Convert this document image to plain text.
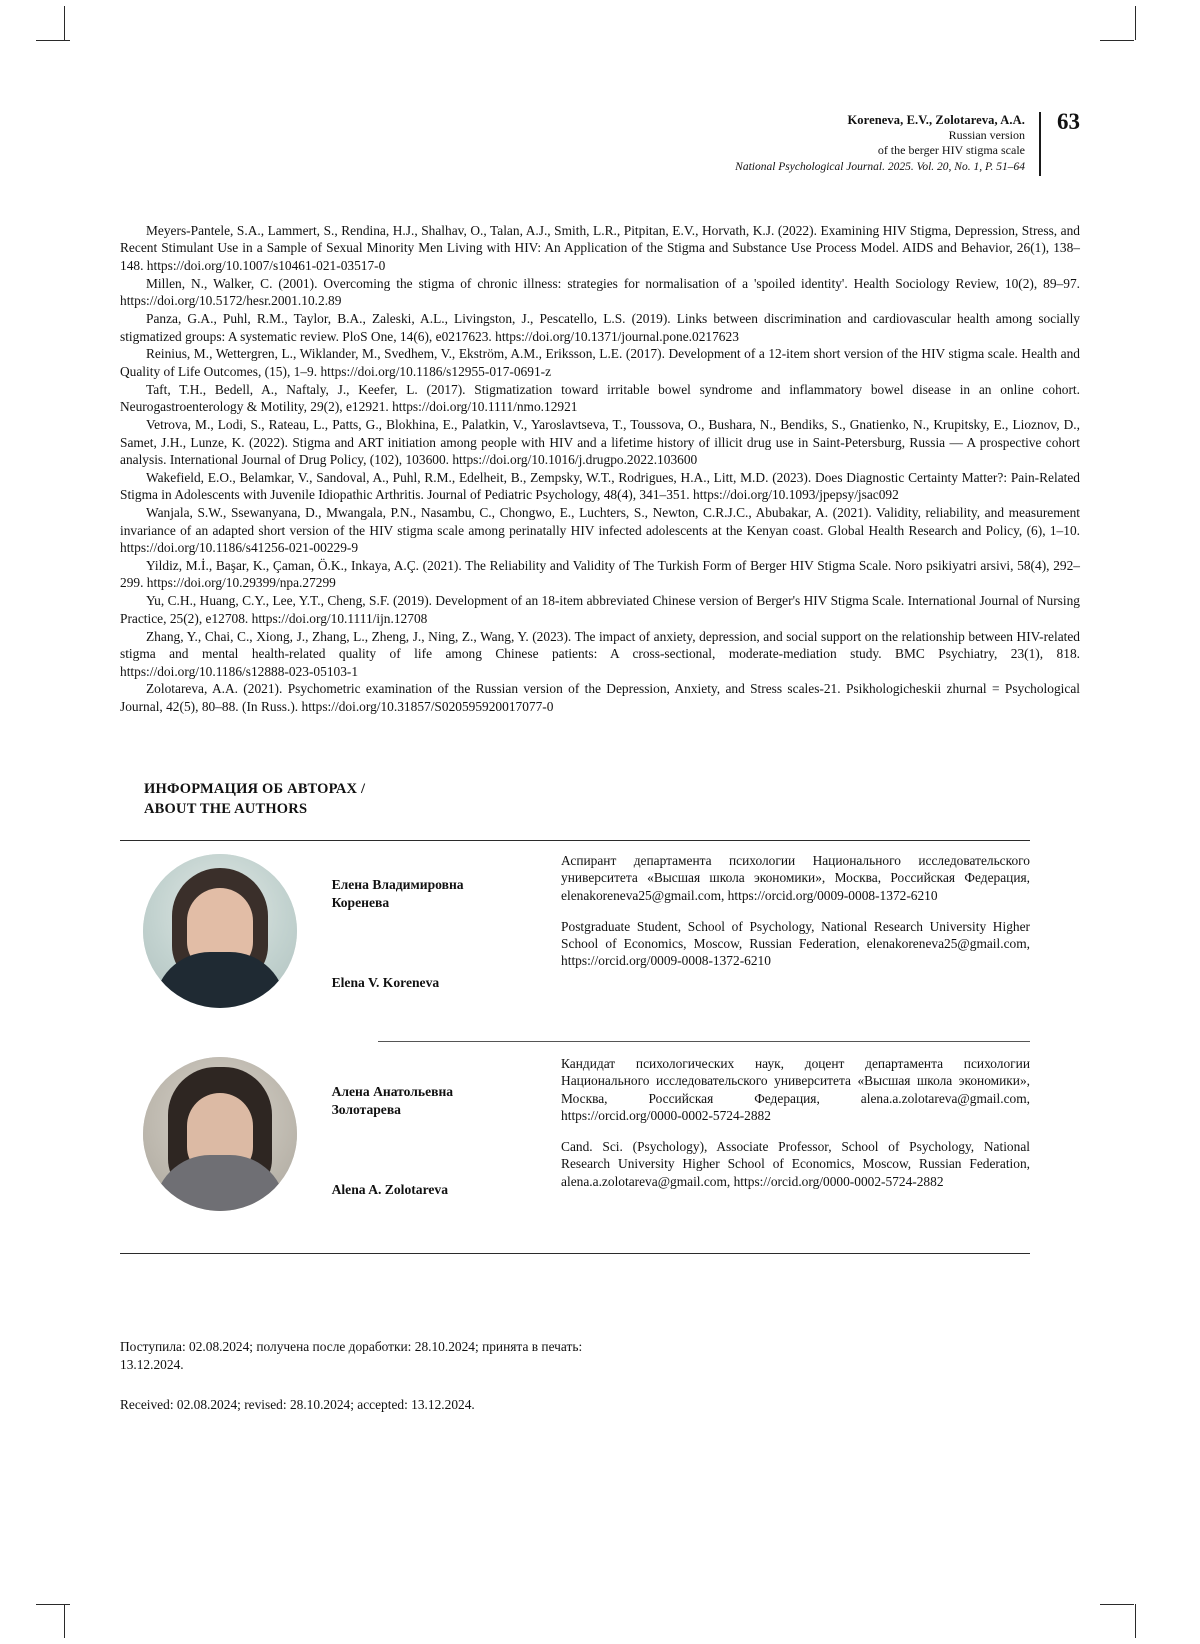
Koreneva, E.V., Zolotareva, A.A.
Russian version
of the berger HIV stigma scale
National Psychological Journal. 2025. Vol. 20, No. 1, P. 51–64
63

Meyers-Pantele, S.A., Lammert, S., Rendina, H.J., Shalhav, O., Talan, A.J., Smith, L.R., Pitpitan, E.V., Horvath, K.J. (2022). Examining HIV Stigma, Depression, Stress, and Recent Stimulant Use in a Sample of Sexual Minority Men Living with HIV: An Application of the Stigma and Substance Use Process Model. AIDS and Behavior, 26(1), 138–148. https://doi.org/10.1007/s10461-021-03517-0

Millen, N., Walker, C. (2001). Overcoming the stigma of chronic illness: strategies for normalisation of a 'spoiled identity'. Health Sociology Review, 10(2), 89–97. https://doi.org/10.5172/hesr.2001.10.2.89

Panza, G.A., Puhl, R.M., Taylor, B.A., Zaleski, A.L., Livingston, J., Pescatello, L.S. (2019). Links between discrimination and cardiovascular health among socially stigmatized groups: A systematic review. PloS One, 14(6), e0217623. https://doi.org/10.1371/journal.pone.0217623

Reinius, M., Wettergren, L., Wiklander, M., Svedhem, V., Ekström, A.M., Eriksson, L.E. (2017). Development of a 12-item short version of the HIV stigma scale. Health and Quality of Life Outcomes, (15), 1–9. https://doi.org/10.1186/s12955-017-0691-z

Taft, T.H., Bedell, A., Naftaly, J., Keefer, L. (2017). Stigmatization toward irritable bowel syndrome and inflammatory bowel disease in an online cohort. Neurogastroenterology & Motility, 29(2), e12921. https://doi.org/10.1111/nmo.12921

Vetrova, M., Lodi, S., Rateau, L., Patts, G., Blokhina, E., Palatkin, V., Yaroslavtseva, T., Toussova, O., Bushara, N., Bendiks, S., Gnatienko, N., Krupitsky, E., Lioznov, D., Samet, J.H., Lunze, K. (2022). Stigma and ART initiation among people with HIV and a lifetime history of illicit drug use in Saint-Petersburg, Russia — A prospective cohort analysis. International Journal of Drug Policy, (102), 103600. https://doi.org/10.1016/j.drugpo.2022.103600

Wakefield, E.O., Belamkar, V., Sandoval, A., Puhl, R.M., Edelheit, B., Zempsky, W.T., Rodrigues, H.A., Litt, M.D. (2023). Does Diagnostic Certainty Matter?: Pain-Related Stigma in Adolescents with Juvenile Idiopathic Arthritis. Journal of Pediatric Psychology, 48(4), 341–351. https://doi.org/10.1093/jpepsy/jsac092

Wanjala, S.W., Ssewanyana, D., Mwangala, P.N., Nasambu, C., Chongwo, E., Luchters, S., Newton, C.R.J.C., Abubakar, A. (2021). Validity, reliability, and measurement invariance of an adapted short version of the HIV stigma scale among perinatally HIV infected adolescents at the Kenyan coast. Global Health Research and Policy, (6), 1–10. https://doi.org/10.1186/s41256-021-00229-9

Yildiz, M.İ., Başar, K., Çaman, Ö.K., Inkaya, A.Ç. (2021). The Reliability and Validity of The Turkish Form of Berger HIV Stigma Scale. Noro psikiyatri arsivi, 58(4), 292–299. https://doi.org/10.29399/npa.27299

Yu, C.H., Huang, C.Y., Lee, Y.T., Cheng, S.F. (2019). Development of an 18-item abbreviated Chinese version of Berger's HIV Stigma Scale. International Journal of Nursing Practice, 25(2), e12708. https://doi.org/10.1111/ijn.12708

Zhang, Y., Chai, C., Xiong, J., Zhang, L., Zheng, J., Ning, Z., Wang, Y. (2023). The impact of anxiety, depression, and social support on the relationship between HIV-related stigma and mental health-related quality of life among Chinese patients: A cross-sectional, moderate-mediation study. BMC Psychiatry, 23(1), 818. https://doi.org/10.1186/s12888-023-05103-1

Zolotareva, A.A. (2021). Psychometric examination of the Russian version of the Depression, Anxiety, and Stress scales-21. Psikhologicheskii zhurnal = Psychological Journal, 42(5), 80–88. (In Russ.). https://doi.org/10.31857/S020595920017077-0

ИНФОРМАЦИЯ ОБ АВТОРАХ /
ABOUT THE AUTHORS
Елена Владимировна
Коренева
Elena V. Koreneva

Аспирант департамента психологии Национального исследовательского университета «Высшая школа экономики», Москва, Российская Федерация, elenakoreneva25@gmail.com, https://orcid.org/0009-0008-1372-6210

Postgraduate Student, School of Psychology, National Research University Higher School of Economics, Moscow, Russian Federation, elenakoreneva25@gmail.com, https://orcid.org/0009-0008-1372-6210

Алена Анатольевна
Золотарева
Alena A. Zolotareva

Кандидат психологических наук, доцент департамента психологии Национального исследовательского университета «Высшая школа экономики», Москва, Российская Федерация, alena.a.zolotareva@gmail.com, https://orcid.org/0000-0002-5724-2882

Cand. Sci. (Psychology), Associate Professor, School of Psychology, National Research University Higher School of Economics, Moscow, Russian Federation, alena.a.zolotareva@gmail.com, https://orcid.org/0000-0002-5724-2882

Поступила: 02.08.2024; получена после доработки: 28.10.2024; принята в печать: 13.12.2024.

Received: 02.08.2024; revised: 28.10.2024; accepted: 13.12.2024.
